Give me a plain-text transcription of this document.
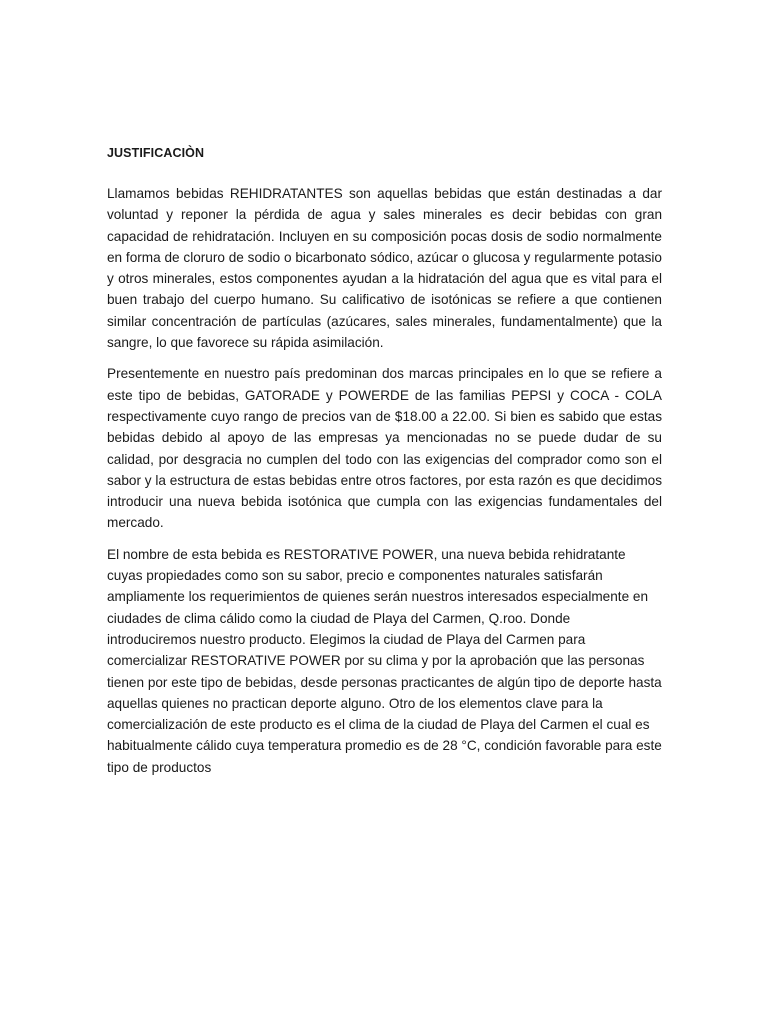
JUSTIFICACIÒN

Llamamos bebidas REHIDRATANTES son aquellas bebidas que están destinadas a dar voluntad y reponer la pérdida de agua y sales minerales es decir bebidas con gran capacidad de rehidratación. Incluyen en su composición pocas dosis de sodio normalmente en forma de cloruro de sodio o bicarbonato sódico, azúcar o glucosa y regularmente potasio y otros minerales, estos componentes ayudan a la hidratación del agua que es vital para el buen trabajo del cuerpo humano. Su calificativo de isotónicas se refiere a que contienen similar concentración de partículas (azúcares, sales minerales, fundamentalmente) que la sangre, lo que favorece su rápida asimilación.

Presentemente en nuestro país predominan dos marcas principales en lo que se refiere a este tipo de bebidas, GATORADE y POWERDE de las familias PEPSI y COCA - COLA respectivamente cuyo rango de precios van de $18.00 a 22.00. Si bien es sabido que estas bebidas debido al apoyo de las empresas ya mencionadas no se puede dudar de su calidad, por desgracia no cumplen del todo con las exigencias del comprador como son el sabor y la estructura de estas bebidas entre otros factores, por esta razón es que decidimos introducir una nueva bebida isotónica que cumpla con las exigencias fundamentales del mercado.

El nombre de esta bebida es RESTORATIVE POWER, una nueva bebida rehidratante cuyas propiedades como son su sabor, precio e componentes naturales satisfarán ampliamente los requerimientos de quienes serán nuestros interesados especialmente en ciudades de clima cálido como la ciudad de Playa del Carmen, Q.roo. Donde introduciremos nuestro producto. Elegimos la ciudad de Playa del Carmen para comercializar RESTORATIVE POWER por su clima y por la aprobación que las personas tienen por este tipo de bebidas, desde personas practicantes de algún tipo de deporte hasta aquellas quienes no practican deporte alguno. Otro de los elementos clave para la comercialización de este producto es el clima de la ciudad de Playa del Carmen el cual es habitualmente cálido cuya temperatura promedio es de 28 °C, condición favorable para este tipo de productos
